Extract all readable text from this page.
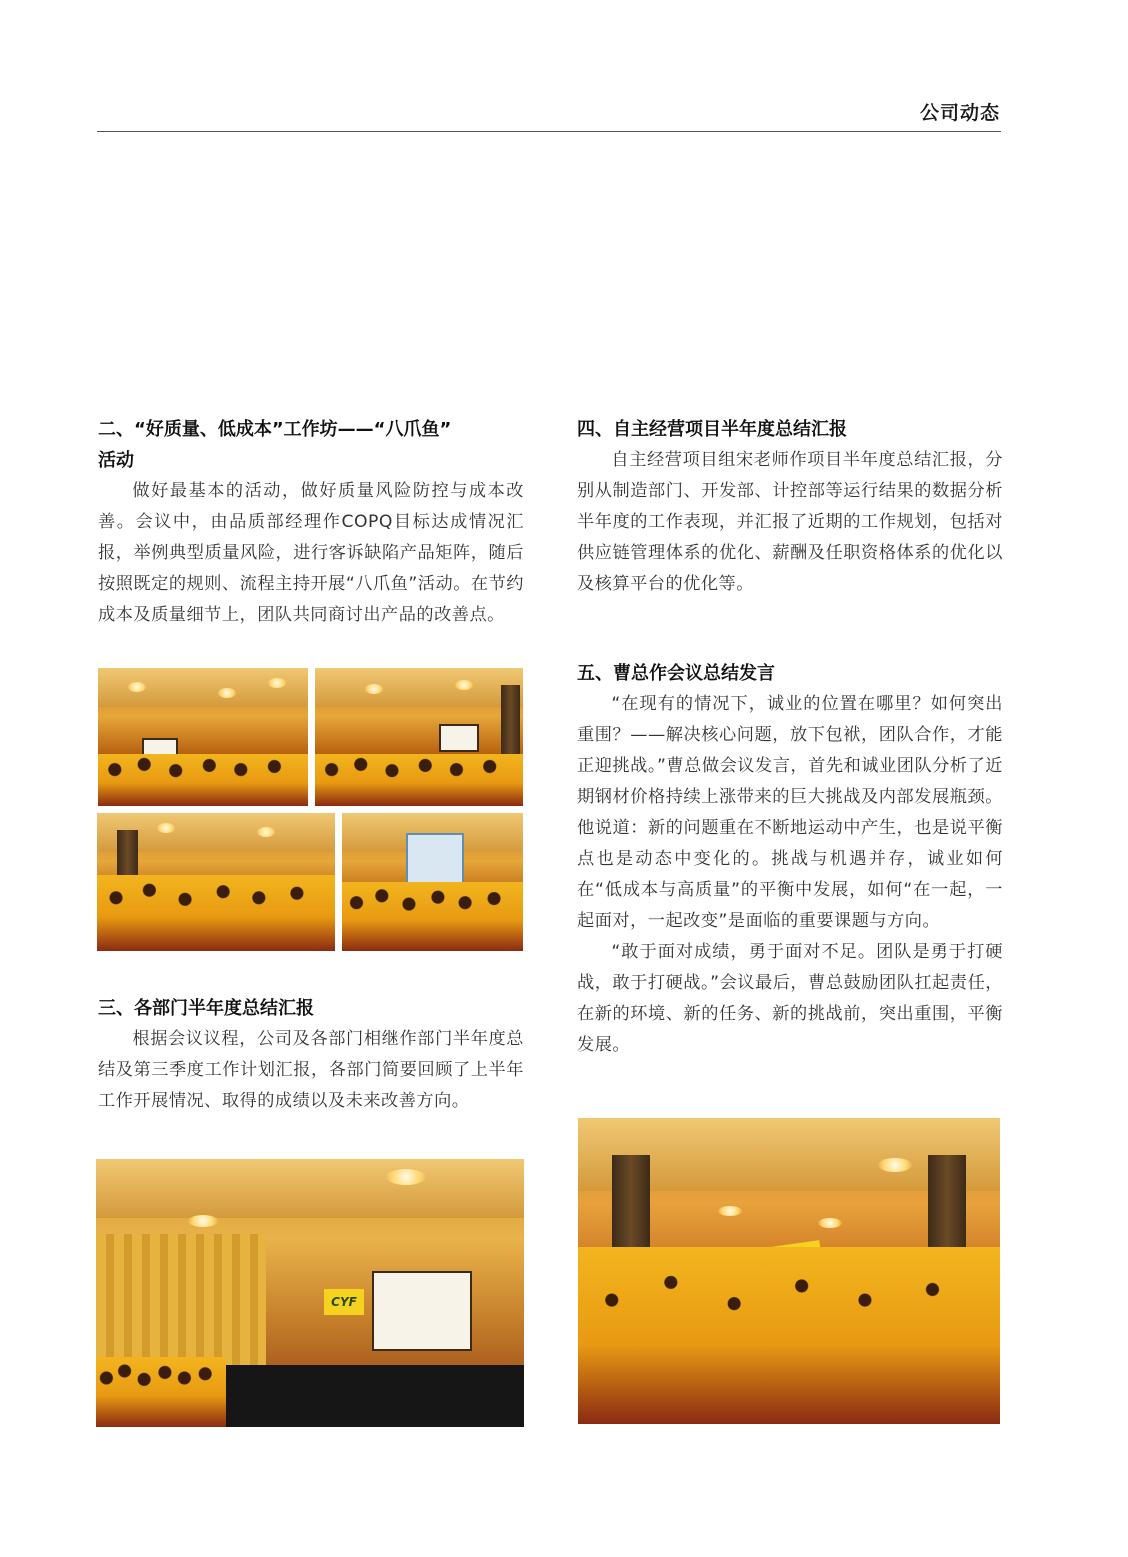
公司动态
二、“好质量、低成本”工作坊——“八爪鱼”
活动

做好最基本的活动，做好质量风险防控与成本改善。会议中，由品质部经理作COPQ目标达成情况汇报，举例典型质量风险，进行客诉缺陷产品矩阵，随后按照既定的规则、流程主持开展“八爪鱼”活动。在节约成本及质量细节上，团队共同商讨出产品的改善点。

三、各部门半年度总结汇报

根据会议议程，公司及各部门相继作部门半年度总结及第三季度工作计划汇报，各部门简要回顾了上半年工作开展情况、取得的成绩以及未来改善方向。

四、自主经营项目半年度总结汇报

自主经营项目组宋老师作项目半年度总结汇报，分别从制造部门、开发部、计控部等运行结果的数据分析半年度的工作表现，并汇报了近期的工作规划，包括对供应链管理体系的优化、薪酬及任职资格体系的优化以及核算平台的优化等。

五、曹总作会议总结发言

“在现有的情况下，诚业的位置在哪里？如何突出重围？——解决核心问题，放下包袱，团队合作，才能正迎挑战。”曹总做会议发言，首先和诚业团队分析了近期钢材价格持续上涨带来的巨大挑战及内部发展瓶颈。他说道：新的问题重在不断地运动中产生，也是说平衡点也是动态中变化的。挑战与机遇并存，诚业如何在“低成本与高质量”的平衡中发展，如何“在一起，一起面对，一起改变”是面临的重要课题与方向。

“敢于面对成绩，勇于面对不足。团队是勇于打硬战，敢于打硬战。”会议最后，曹总鼓励团队扛起责任，在新的环境、新的任务、新的挑战前，突出重围，平衡发展。

CYF
